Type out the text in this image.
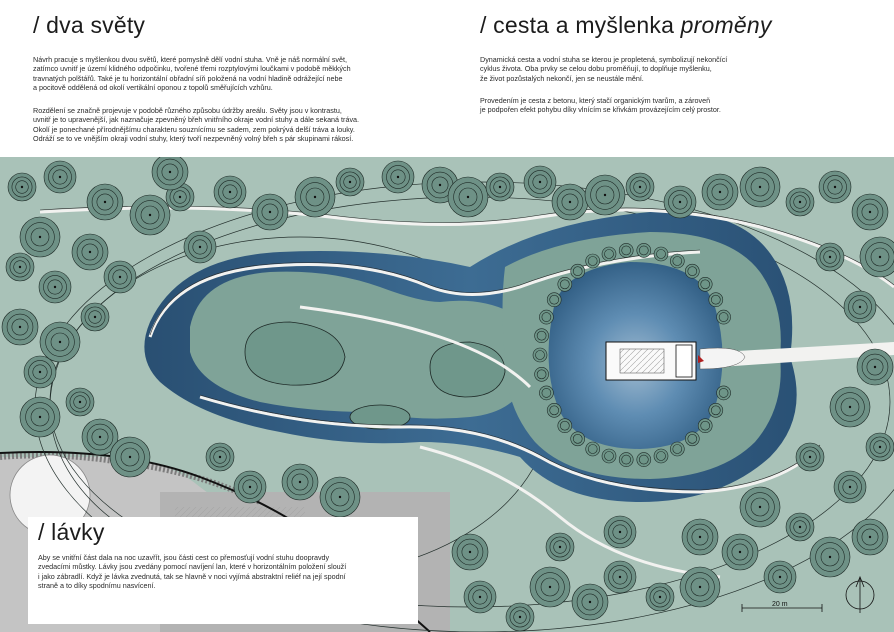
/ dva světy
Návrh pracuje s myšlenkou dvou světů, které pomyslně dělí vodní stuha. Vně je náš normální svět,
zatímco uvnitř je území klidného odpočinku, tvořené třemi rozptylovými loučkami v podobě měkkých
travnatých polštářů. Také je tu horizontální obřadní síň položená na vodní hladině odrážející nebe
a pocitově oddělená od okolí vertikální oponou z topolů směřujících vzhůru.
Rozdělení se značně projevuje v podobě různého způsobu údržby areálu. Světy jsou v kontrastu,
uvnitř je to upravenější, jak naznačuje zpevněný břeh vnitřního okraje vodní stuhy a dále sekaná tráva.
Okolí je ponechané přírodnějšímu charakteru souznícímu se sadem, zem pokrývá delší tráva a louky.
Odráží se to ve vnějším okraji vodní stuhy, který tvoří nezpevněný volný břeh s pár skupinami rákosí.
/ cesta a myšlenka proměny
Dynamická cesta a vodní stuha se kterou je propletená, symbolizují nekončící
cyklus života. Oba prvky se celou dobu proměňují, to doplňuje myšlenku,
že život pozůstalých nekončí, jen se neustále mění.
Provedením je cesta z betonu, který stačí organickým tvarům, a zároveň
je podpořen efekt pohybu díky vlnícím se křivkám provázejícím celý prostor.
20 m
/ lávky
Aby se vnitřní část dala na noc uzavřít, jsou části cest co přemosťují vodní stuhu doopravdy
zvedacími můstky. Lávky jsou zvedány pomocí navíjení lan, které v horizontálním položení slouží
i jako zábradlí. Když je lávka zvednutá, tak se hlavně v noci vyjímá abstraktní reliéf na její spodní
straně a to díky spodnímu nasvícení.
